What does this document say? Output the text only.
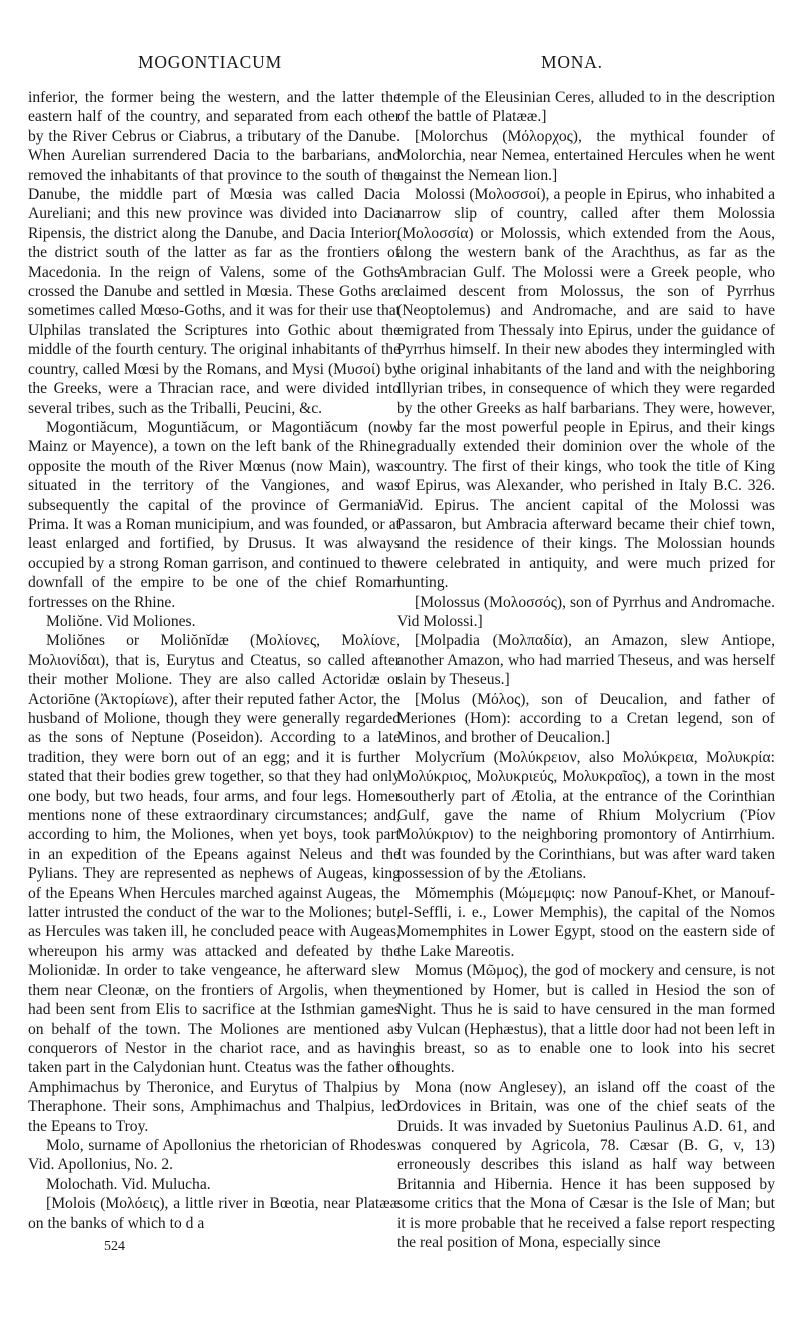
MOGONTIACUM	MONA.

inferior, the former being the western, and the latter the eastern half of the country, and separated from each other by the River Cebrus or Ciabrus, a tributary of the Danube. When Aurelian surrendered Dacia to the barbarians, and removed the inhabitants of that province to the south of the Danube, the middle part of Mœsia was called Dacia Aureliani; and this new province was divided into Dacia Ripensis, the district along the Danube, and Dacia Interior, the district south of the latter as far as the frontiers of Macedonia. In the reign of Valens, some of the Goths crossed the Danube and settled in Mœsia. These Goths are sometimes called Mœso-Goths, and it was for their use that Ulphilas translated the Scriptures into Gothic about the middle of the fourth century. The original inhabitants of the country, called Mœsi by the Romans, and Mysi (Μυσοί) by the Greeks, were a Thracian race, and were divided into several tribes, such as the Triballi, Peucini, &c.

Mogontiăcum, Moguntiăcum, or Magontiăcum (now Mainz or Mayence), a town on the left bank of the Rhine, opposite the mouth of the River Mœnus (now Main), was situated in the territory of the Vangiones, and was subsequently the capital of the province of Germania Prima. It was a Roman municipium, and was founded, or at least enlarged and fortified, by Drusus. It was always occupied by a strong Roman garrison, and continued to the downfall of the empire to be one of the chief Roman fortresses on the Rhine.

Moliŏne. Vid Moliones.

Moliŏnes or Moliŏnĭdæ (Μολίονες, Μολίονε, Μολιονίδαι), that is, Eurytus and Cteatus, so called after their mother Molione. They are also called Actoridæ or Actoriōne (Ἀκτορίωνε), after their reputed father Actor, the husband of Molione, though they were generally regarded as the sons of Neptune (Poseidon). According to a late tradition, they were born out of an egg; and it is further stated that their bodies grew together, so that they had only one body, but two heads, four arms, and four legs. Homer mentions none of these extraordinary circumstances; and, according to him, the Moliones, when yet boys, took part in an expedition of the Epeans against Neleus and the Pylians. They are represented as nephews of Augeas, king of the Epeans When Hercules marched against Augeas, the latter intrusted the conduct of the war to the Moliones; but, as Hercules was taken ill, he concluded peace with Augeas, whereupon his army was attacked and defeated by the Molionidæ. In order to take vengeance, he afterward slew them near Cleonæ, on the frontiers of Argolis, when they had been sent from Elis to sacrifice at the Isthmian games on behalf of the town. The Moliones are mentioned as conquerors of Nestor in the chariot race, and as having taken part in the Calydonian hunt. Cteatus was the father of Amphimachus by Theronice, and Eurytus of Thalpius by Theraphone. Their sons, Amphimachus and Thalpius, led the Epeans to Troy.

Molo, surname of Apollonius the rhetorician of Rhodes. Vid. Apollonius, No. 2.

Molochath. Vid. Mulucha.

[Molois (Μολόεις), a little river in Bœotia, near Platææ on the banks of which to d a

temple of the Eleusinian Ceres, alluded to in the description of the battle of Platææ.]

[Molorchus (Μόλορχος), the mythical founder of Molorchia, near Nemea, entertained Hercules when he went against the Nemean lion.]

Molossi (Μολοσσοί), a people in Epirus, who inhabited a narrow slip of country, called after them Molossia (Μολοσσία) or Molossis, which extended from the Aous, along the western bank of the Arachthus, as far as the Ambracian Gulf. The Molossi were a Greek people, who claimed descent from Molossus, the son of Pyrrhus (Neoptolemus) and Andromache, and are said to have emigrated from Thessaly into Epirus, under the guidance of Pyrrhus himself. In their new abodes they intermingled with the original inhabitants of the land and with the neighboring Illyrian tribes, in consequence of which they were regarded by the other Greeks as half barbarians. They were, however, by far the most powerful people in Epirus, and their kings gradually extended their dominion over the whole of the country. The first of their kings, who took the title of King of Epirus, was Alexander, who perished in Italy B.C. 326. Vid. Epirus. The ancient capital of the Molossi was Passaron, but Ambracia afterward became their chief town, and the residence of their kings. The Molossian hounds were celebrated in antiquity, and were much prized for hunting.

[Molossus (Μολοσσός), son of Pyrrhus and Andromache. Vid Molossi.]

[Molpadia (Μολπαδία), an Amazon, slew Antiope, another Amazon, who had married Theseus, and was herself slain by Theseus.]

[Molus (Μόλος), son of Deucalion, and father of Meriones (Hom): according to a Cretan legend, son of Minos, and brother of Deucalion.]

Molycrĭum (Μολύκρειον, also Μολύκρεια, Μολυκρία: Μολύκριος, Μολυκριεύς, Μολυκραῖος), a town in the most southerly part of Ætolia, at the entrance of the Corinthian Gulf, gave the name of Rhium Molycrium (Ῥίον Μολύκριον) to the neighboring promontory of Antirrhium. It was founded by the Corinthians, but was after ward taken possession of by the Ætolians.

Mŏmemphis (Μώμεμφις: now Panouf-Khet, or Manouf-el-Seffli, i. e., Lower Memphis), the capital of the Nomos Momemphites in Lower Egypt, stood on the eastern side of the Lake Mareotis.

Momus (Μῶμος), the god of mockery and censure, is not mentioned by Homer, but is called in Hesiod the son of Night. Thus he is said to have censured in the man formed by Vulcan (Hephæstus), that a little door had not been left in his breast, so as to enable one to look into his secret thoughts.

Mona (now Anglesey), an island off the coast of the Ordovices in Britain, was one of the chief seats of the Druids. It was invaded by Suetonius Paulinus A.D. 61, and was conquered by Agricola, 78. Cæsar (B. G, v, 13) erroneously describes this island as half way between Britannia and Hibernia. Hence it has been supposed by some critics that the Mona of Cæsar is the Isle of Man; but it is more probable that he received a false report respecting the real position of Mona, especially since

524
